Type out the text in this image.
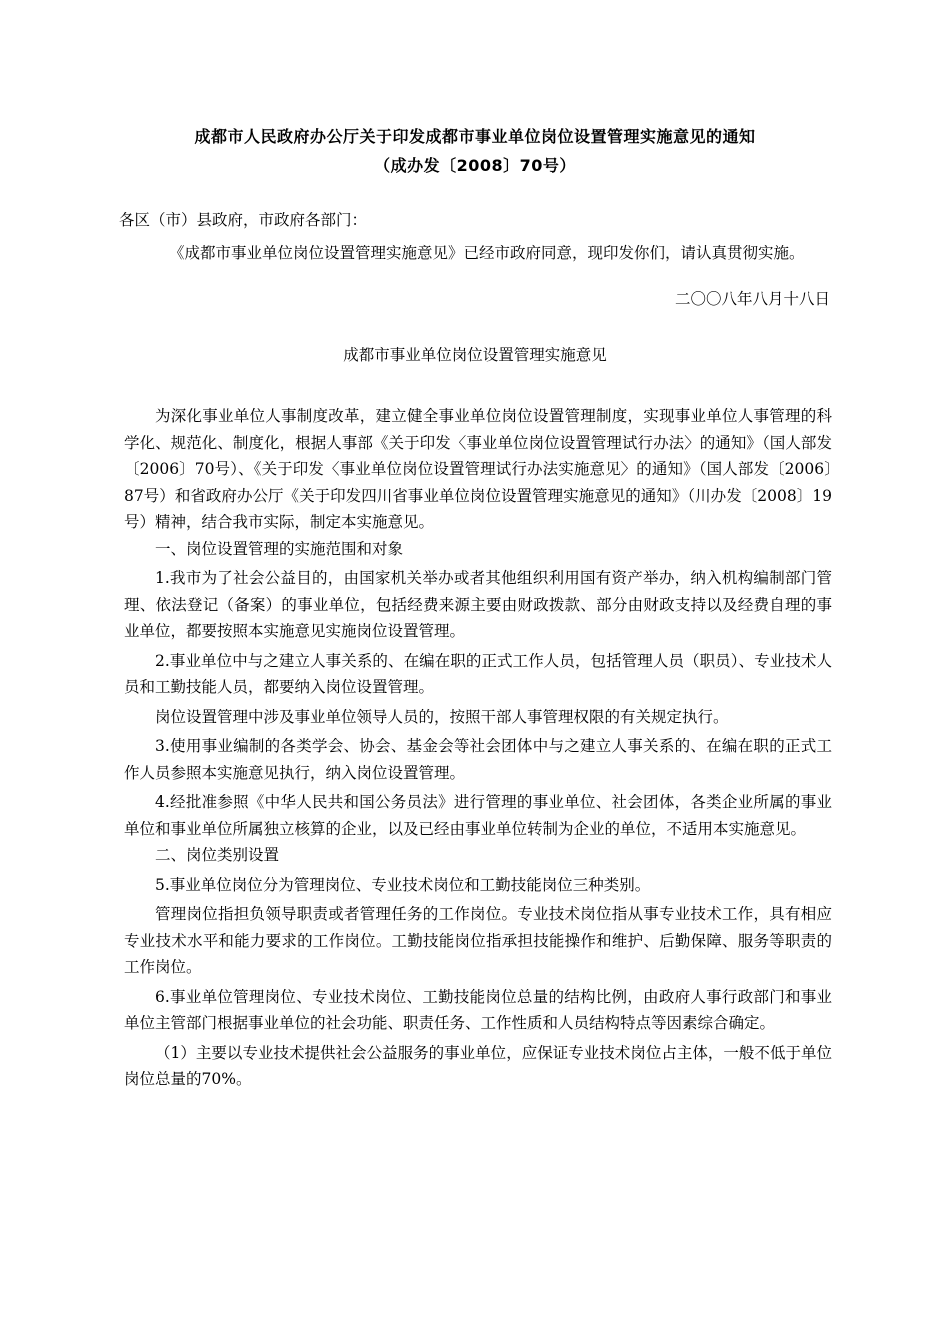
成都市人民政府办公厅关于印发成都市事业单位岗位设置管理实施意见的通知
（成办发〔2008〕70号）
各区（市）县政府，市政府各部门：
《成都市事业单位岗位设置管理实施意见》已经市政府同意，现印发你们，请认真贯彻实施。
二〇〇八年八月十八日
成都市事业单位岗位设置管理实施意见

为深化事业单位人事制度改革，建立健全事业单位岗位设置管理制度，实现事业单位人事管理的科学化、规范化、制度化，根据人事部《关于印发〈事业单位岗位设置管理试行办法〉的通知》（国人部发〔2006〕70号）、《关于印发〈事业单位岗位设置管理试行办法实施意见〉的通知》（国人部发〔2006〕87号）和省政府办公厅《关于印发四川省事业单位岗位设置管理实施意见的通知》（川办发〔2008〕19号）精神，结合我市实际，制定本实施意见。

一、岗位设置管理的实施范围和对象

1.我市为了社会公益目的，由国家机关举办或者其他组织利用国有资产举办，纳入机构编制部门管理、依法登记（备案）的事业单位，包括经费来源主要由财政拨款、部分由财政支持以及经费自理的事业单位，都要按照本实施意见实施岗位设置管理。

2.事业单位中与之建立人事关系的、在编在职的正式工作人员，包括管理人员（职员）、专业技术人员和工勤技能人员，都要纳入岗位设置管理。

岗位设置管理中涉及事业单位领导人员的，按照干部人事管理权限的有关规定执行。

3.使用事业编制的各类学会、协会、基金会等社会团体中与之建立人事关系的、在编在职的正式工作人员参照本实施意见执行，纳入岗位设置管理。

4.经批准参照《中华人民共和国公务员法》进行管理的事业单位、社会团体，各类企业所属的事业单位和事业单位所属独立核算的企业，以及已经由事业单位转制为企业的单位，不适用本实施意见。

二、岗位类别设置

5.事业单位岗位分为管理岗位、专业技术岗位和工勤技能岗位三种类别。

管理岗位指担负领导职责或者管理任务的工作岗位。专业技术岗位指从事专业技术工作，具有相应专业技术水平和能力要求的工作岗位。工勤技能岗位指承担技能操作和维护、后勤保障、服务等职责的工作岗位。

6.事业单位管理岗位、专业技术岗位、工勤技能岗位总量的结构比例，由政府人事行政部门和事业单位主管部门根据事业单位的社会功能、职责任务、工作性质和人员结构特点等因素综合确定。

（1）主要以专业技术提供社会公益服务的事业单位，应保证专业技术岗位占主体，一般不低于单位岗位总量的70%。
